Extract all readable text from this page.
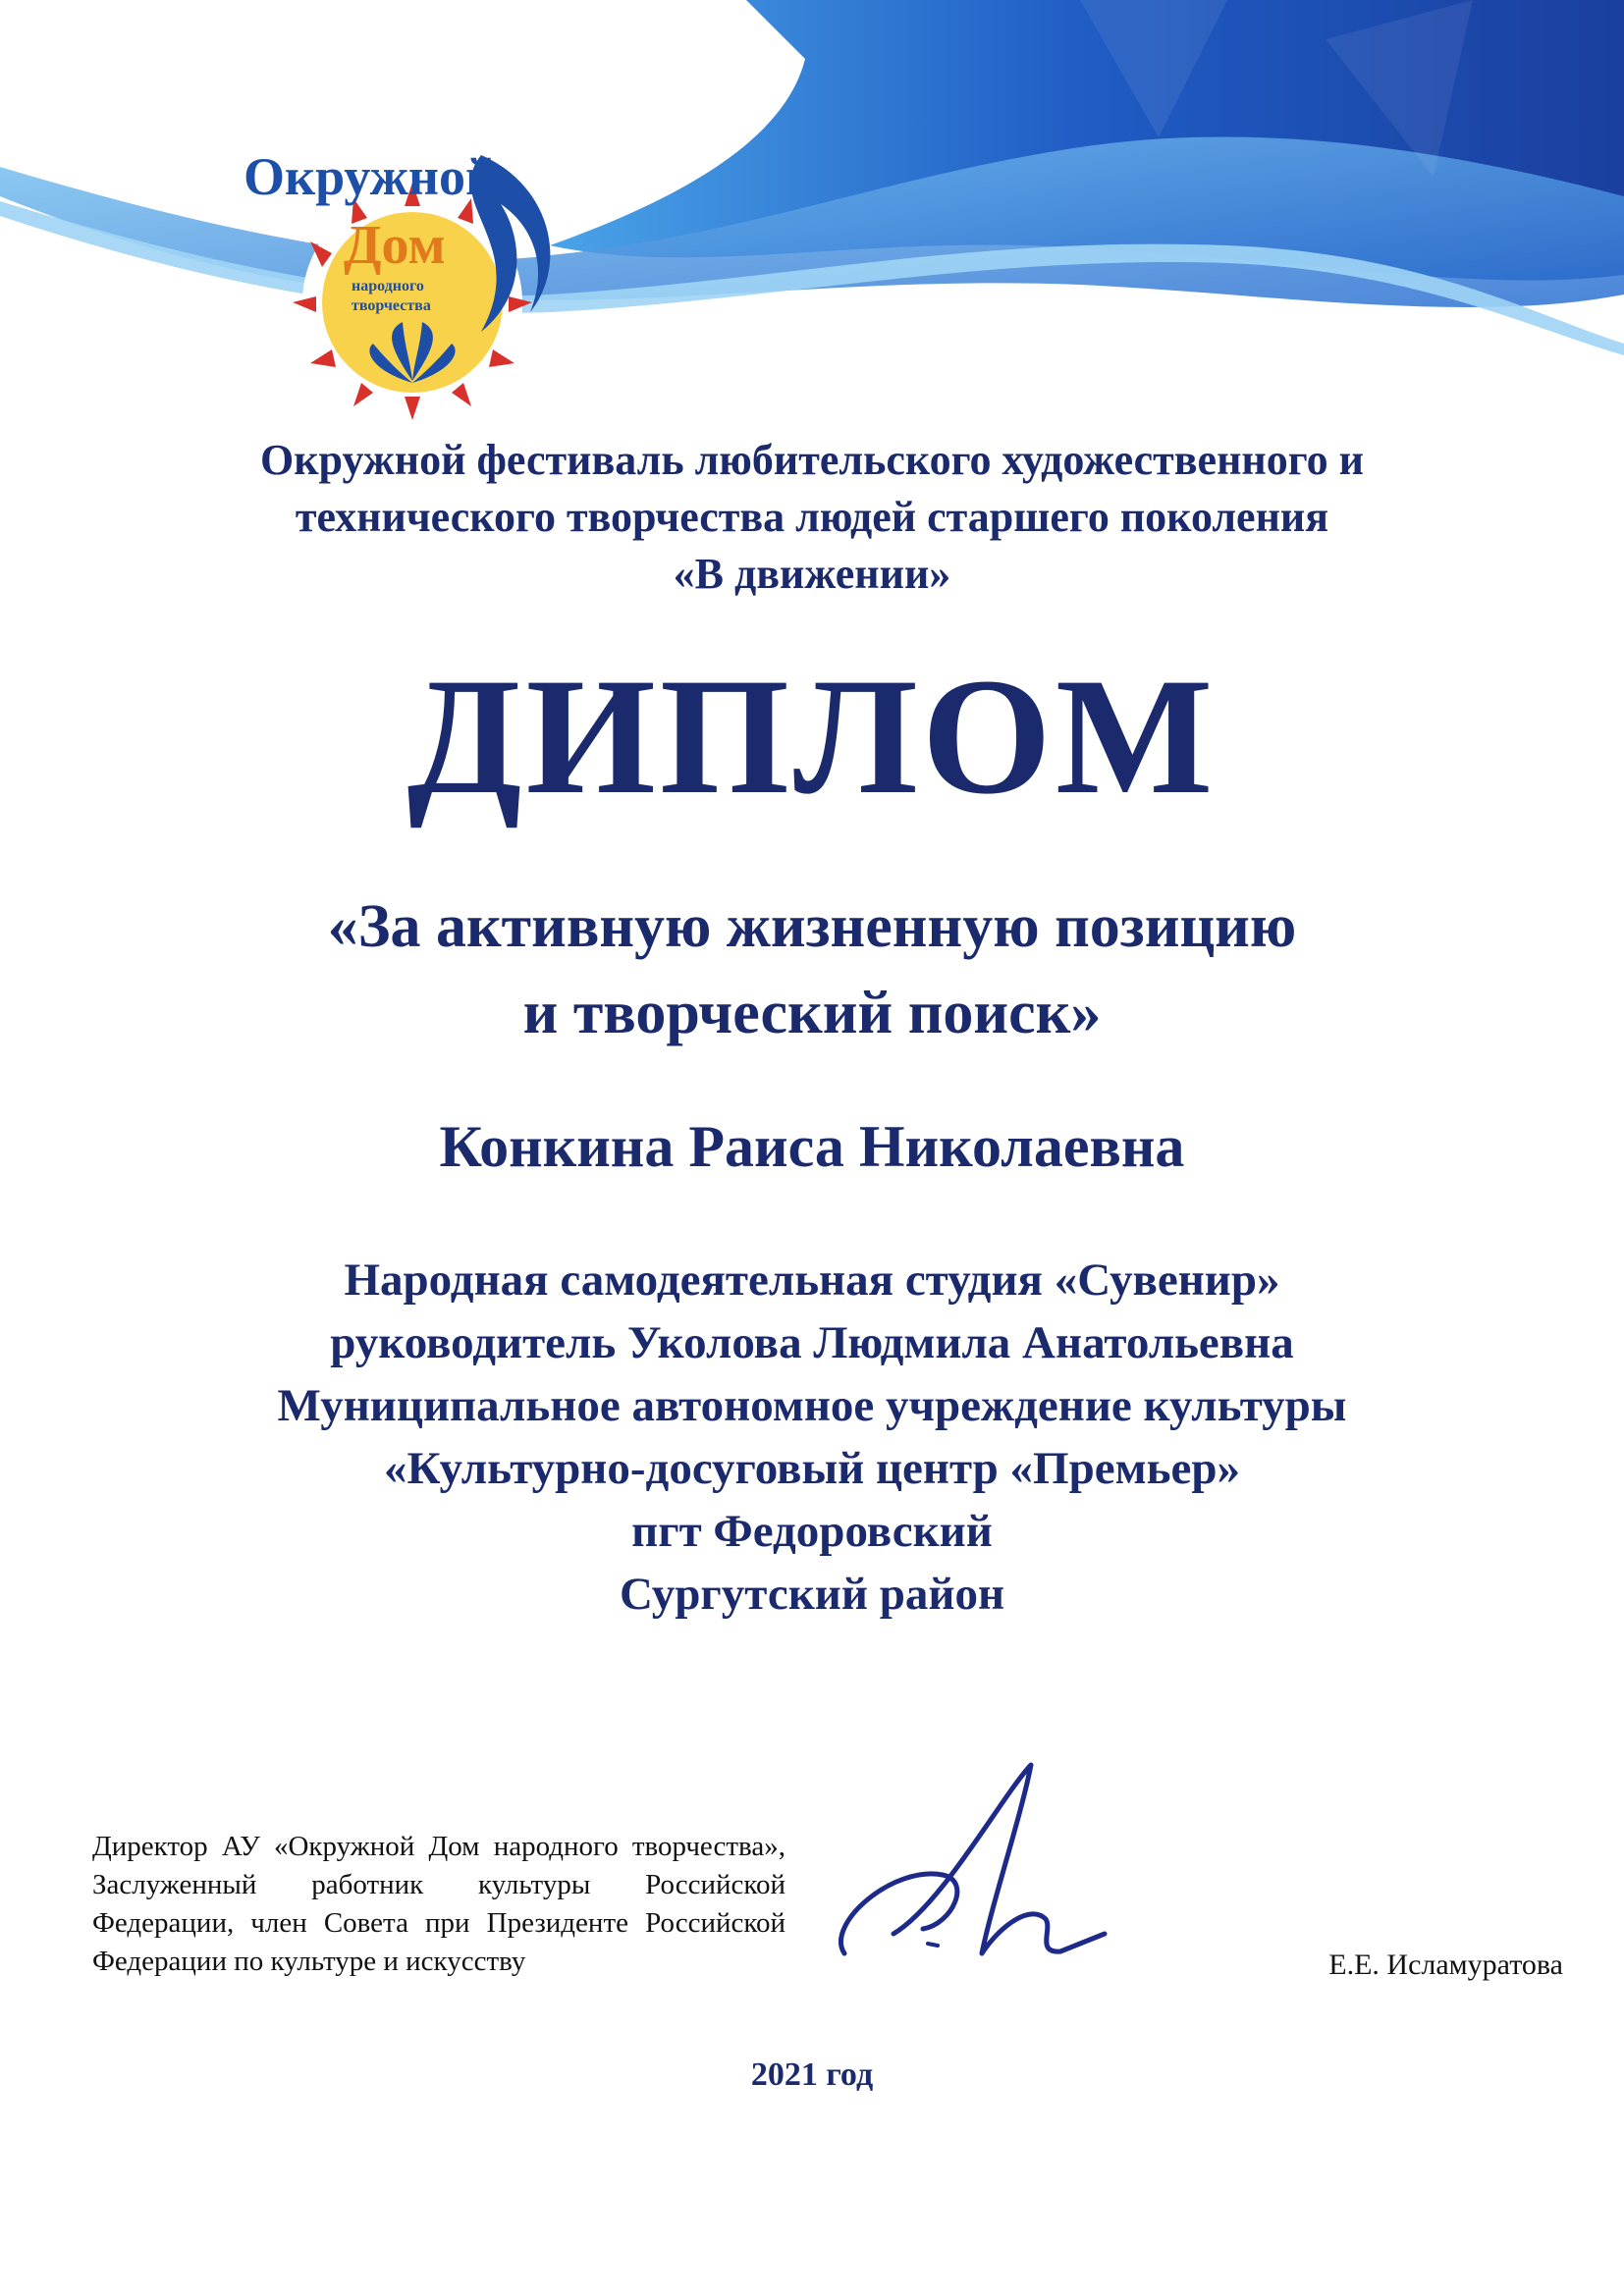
Окружной
Дом
народного
творчества
Окружной фестиваль любительского художественного и
технического творчества людей старшего поколения
«В движении»
ДИПЛОМ
«За активную жизненную позицию
и творческий поиск»
Конкина Раиса Николаевна
Народная самодеятельная студия «Сувенир»
руководитель Уколова Людмила Анатольевна
Муниципальное автономное учреждение культуры
«Культурно-досуговый центр «Премьер»
пгт Федоровский
Сургутский район
Директор АУ «Окружной Дом народного творчества», Заслуженный работник культуры Российской Федерации, член Совета при Президенте Российской Федерации по культуре и искусству	Е.Е. Исламуратова
2021 год
